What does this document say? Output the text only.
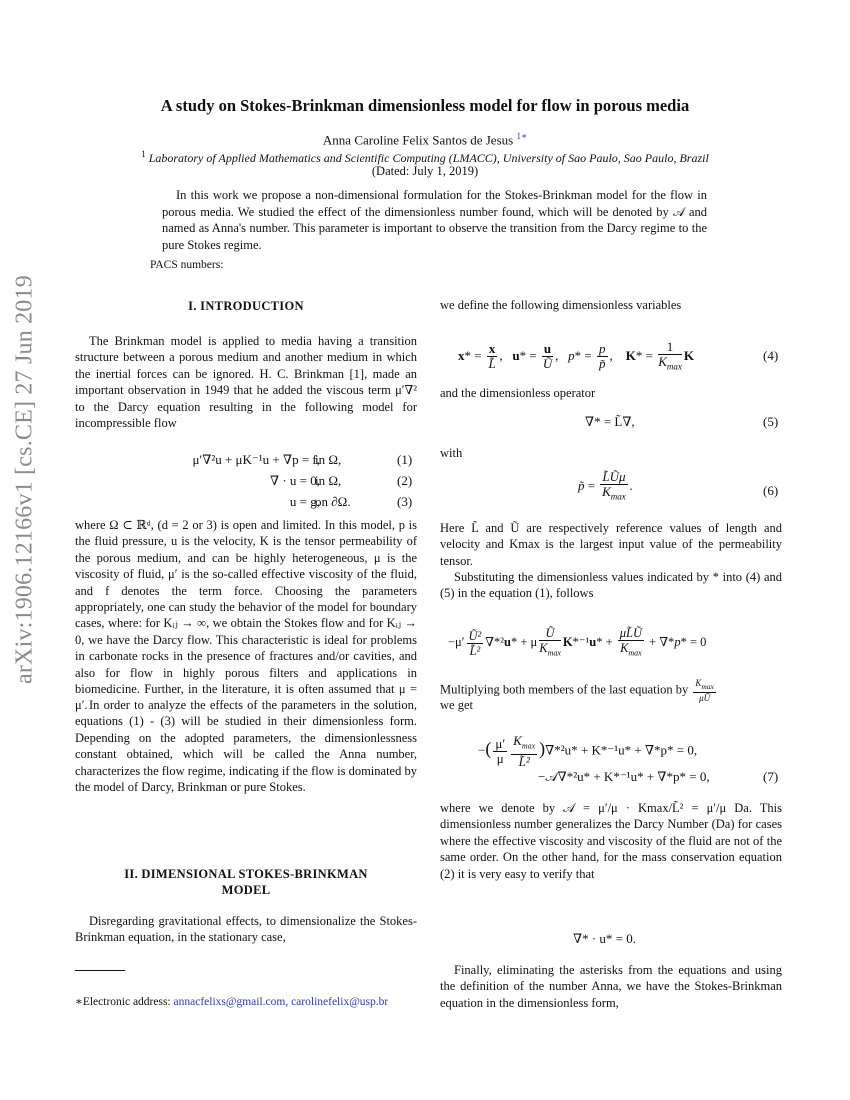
arXiv:1906.12166v1 [cs.CE] 27 Jun 2019
A study on Stokes-Brinkman dimensionless model for flow in porous media
Anna Caroline Felix Santos de Jesus $^{1∗}$
$^1$ Laboratory of Applied Mathematics and Scientific Computing (LMACC), University of Sao Paulo, Sao Paulo, Brazil
(Dated: July 1, 2019)
In this work we propose a non-dimensional formulation for the Stokes-Brinkman model for the flow in porous media. We studied the effect of the dimensionless number found, which will be denoted by 𝒜 and named as Anna's number. This parameter is important to observe the transition from the Darcy regime to the pure Stokes regime.
PACS numbers:
I. INTRODUCTION

The Brinkman model is applied to media having a transition structure between a porous medium and another medium in which the inertial forces can be ignored. H. C. Brinkman [1], made an important observation in 1949 that he added the viscous term μ′∇² to the Darcy equation resulting in the following model for incompressible flow

μ′∇²u + μK⁻¹u + ∇p = f,
in Ω,	(1)
∇ · u = 0,
in Ω,	(2)
u = g,
on ∂Ω.	(3)

where Ω ⊂ ℝᵈ, (d = 2 or 3) is open and limited. In this model, p is the fluid pressure, u is the velocity, K is the tensor permeability of the porous medium, and can be highly heterogeneous, μ is the viscosity of fluid, μ′ is the so-called effective viscosity of the fluid, and f denotes the term force. Choosing the parameters appropriately, one can study the behavior of the model for boundary cases, where: for Kᵢⱼ → ∞, we obtain the Stokes flow and for Kᵢⱼ → 0, we have the Darcy flow. This characteristic is ideal for problems in carbonate rocks in the presence of fractures and/or cavities, and also for flow in highly porous filters and applications in biomedicine. Further, in the literature, it is often assumed that μ = μ′. In order to analyze the effects of the parameters in the solution, equations (1) - (3) will be studied in their dimensionless form. Depending on the adopted parameters, the dimensionlessness constant obtained, which will be called the Anna number, characterizes the flow regime, indicating if the flow is dominated by the model of Darcy, Brinkman or pure Stokes.

II. DIMENSIONAL STOKES-BRINKMAN
MODEL

Disregarding gravitational effects, to dimensionalize the Stokes-Brinkman equation, in the stationary case,

∗Electronic address: annacfelixs@gmail.com, carolinefelix@usp.br
we define the following dimensionless variables
$x* = \frac{x}{L̃}$ ,   $u* = \frac{u}{Ũ}$ ,   $p* = \frac{p}{p̃}$ ,    $K* = \frac{1}{K_{max}}$ K	(4)
and the dimensionless operator
∇* = L̃∇,	(5)
with
p̃ = $\frac{L̃Ũ\mu}{K_{max}}$ .	(6)

Here L̃ and Ũ are respectively reference values of length and velocity and Kmax is the largest input value of the permeability tensor.

Substituting the dimensionless values indicated by * into (4) and (5) in the equation (1), follows

$-\mu' \frac{\text{Ũ²}}{\text{L̃²}} \nabla*^2u* + \mu \frac{Ũ}{K_{max}} K*^{-1}u* + \frac{\mu L̃Ũ}{K_{max}} + \nabla*p* = 0$
Multiplying both members of the last equation by $\frac{K_{max}}{\mu Ũ}$
we get
−( $\frac{\mu'}{\mu} \frac{K_{max}}{\text{L̃²}} )\nabla*^2u* + K*^{-1}u* + \nabla*p* = 0$,
−𝒜∇*²u* + K*⁻¹u* + ∇*p* = 0,	(7)

where we denote by 𝒜 = μ′/μ · Kmax/L̃² = μ′/μ Da. This dimensionless number generalizes the Darcy Number (Da) for cases where the effective viscosity and viscosity of the fluid are not of the same order. On the other hand, for the mass conservation equation (2) it is very easy to verify that

∇* · u* = 0.

Finally, eliminating the asterisks from the equations and using the definition of the number Anna, we have the Stokes-Brinkman equation in the dimensionless form,
